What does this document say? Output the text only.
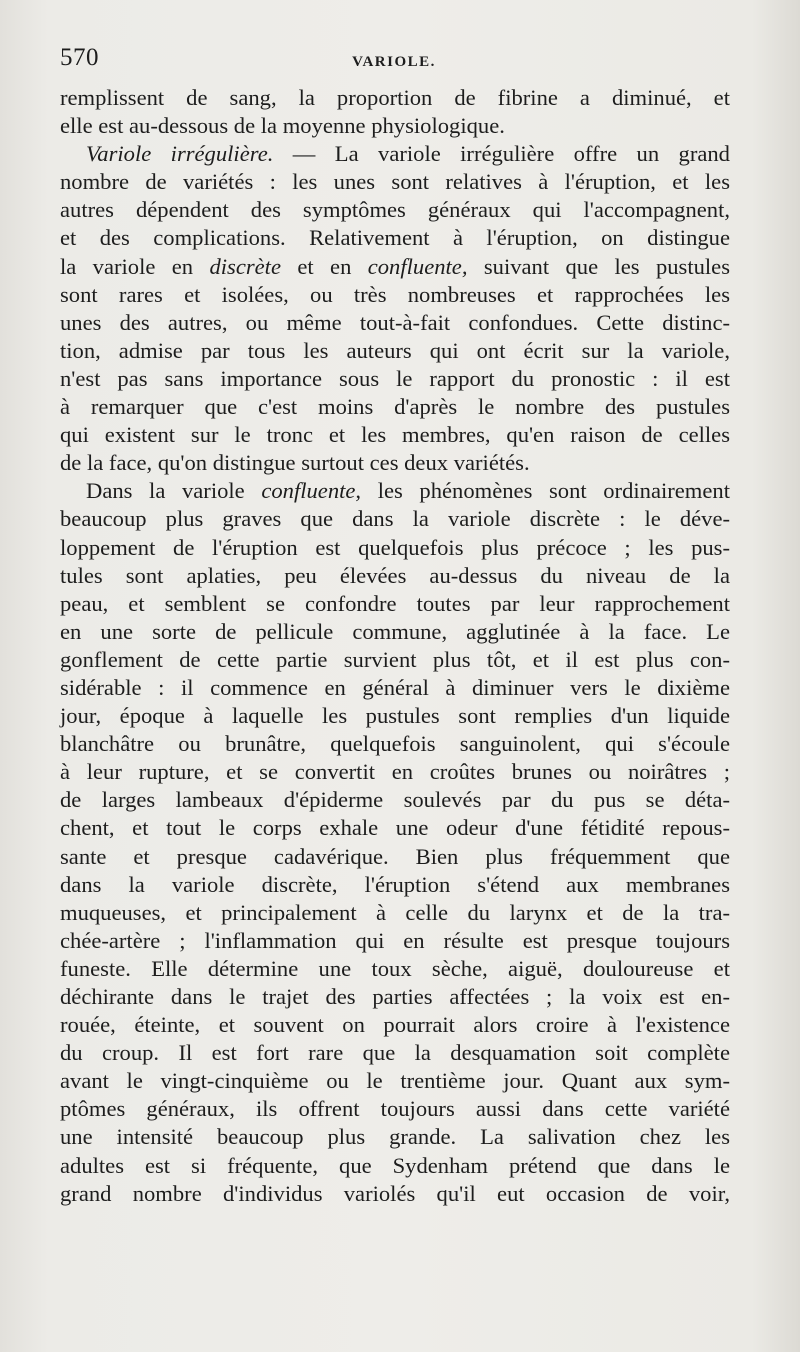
570	VARIOLE.
remplissent de sang, la proportion de fibrine a diminué, et
elle est au-dessous de la moyenne physiologique.
Variole irrégulière. — La variole irrégulière offre un grand
nombre de variétés : les unes sont relatives à l'éruption, et les
autres dépendent des symptômes généraux qui l'accompagnent,
et des complications. Relativement à l'éruption, on distingue
la variole en discrète et en confluente, suivant que les pustules
sont rares et isolées, ou très nombreuses et rapprochées les
unes des autres, ou même tout-à-fait confondues. Cette distinc-
tion, admise par tous les auteurs qui ont écrit sur la variole,
n'est pas sans importance sous le rapport du pronostic : il est
à remarquer que c'est moins d'après le nombre des pustules
qui existent sur le tronc et les membres, qu'en raison de celles
de la face, qu'on distingue surtout ces deux variétés.
Dans la variole confluente, les phénomènes sont ordinairement
beaucoup plus graves que dans la variole discrète : le déve-
loppement de l'éruption est quelquefois plus précoce ; les pus-
tules sont aplaties, peu élevées au-dessus du niveau de la
peau, et semblent se confondre toutes par leur rapprochement
en une sorte de pellicule commune, agglutinée à la face. Le
gonflement de cette partie survient plus tôt, et il est plus con-
sidérable : il commence en général à diminuer vers le dixième
jour, époque à laquelle les pustules sont remplies d'un liquide
blanchâtre ou brunâtre, quelquefois sanguinolent, qui s'écoule
à leur rupture, et se convertit en croûtes brunes ou noirâtres ;
de larges lambeaux d'épiderme soulevés par du pus se déta-
chent, et tout le corps exhale une odeur d'une fétidité repous-
sante et presque cadavérique. Bien plus fréquemment que
dans la variole discrète, l'éruption s'étend aux membranes
muqueuses, et principalement à celle du larynx et de la tra-
chée-artère ; l'inflammation qui en résulte est presque toujours
funeste. Elle détermine une toux sèche, aiguë, douloureuse et
déchirante dans le trajet des parties affectées ; la voix est en-
rouée, éteinte, et souvent on pourrait alors croire à l'existence
du croup. Il est fort rare que la desquamation soit complète
avant le vingt-cinquième ou le trentième jour. Quant aux sym-
ptômes généraux, ils offrent toujours aussi dans cette variété
une intensité beaucoup plus grande. La salivation chez les
adultes est si fréquente, que Sydenham prétend que dans le
grand nombre d'individus variolés qu'il eut occasion de voir,
